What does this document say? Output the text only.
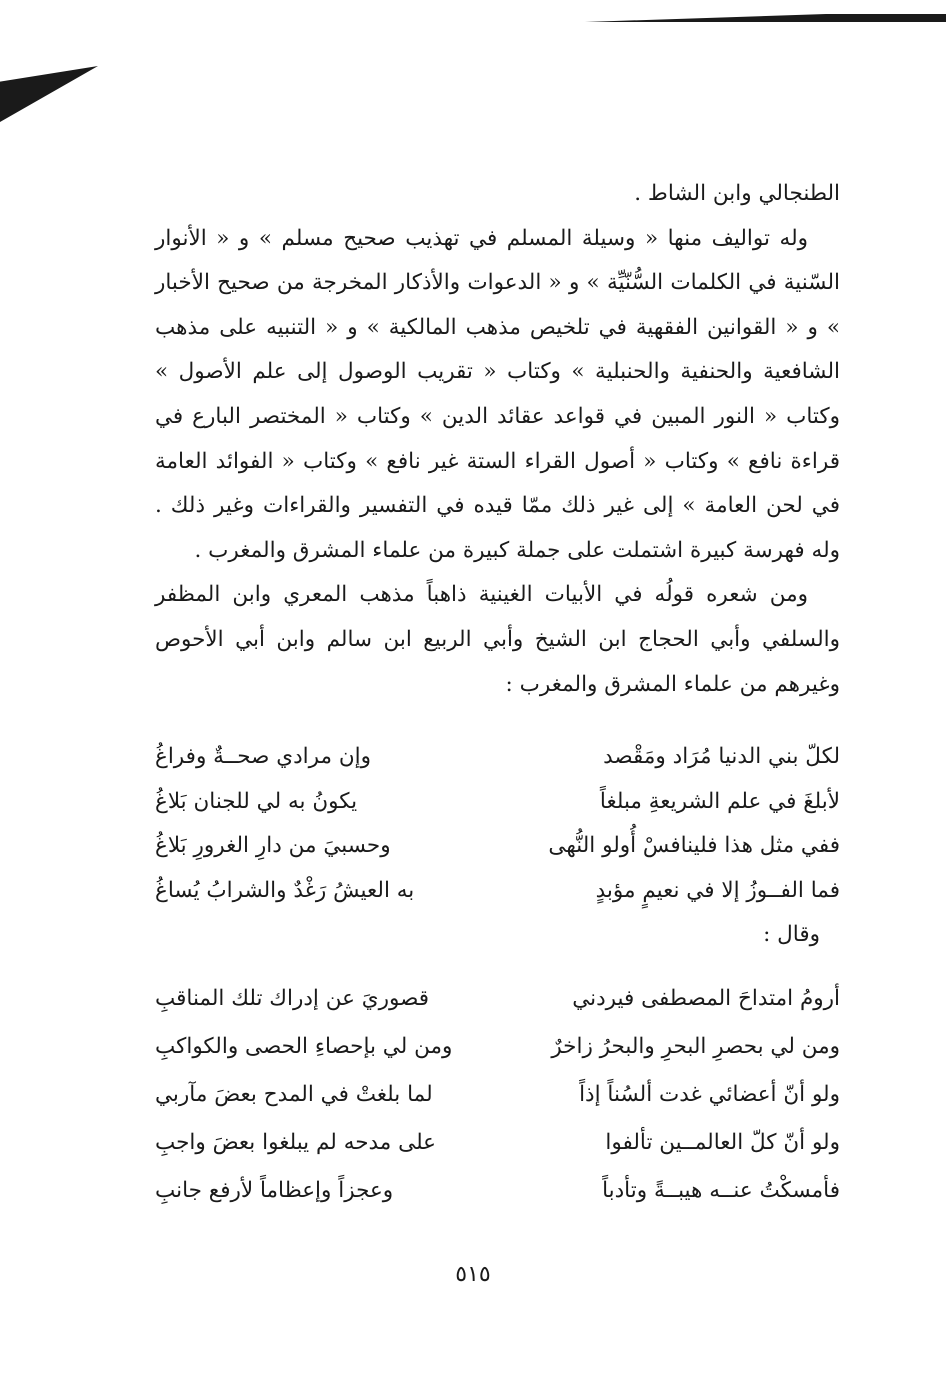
الطنجالي وابن الشاط .

وله تواليف منها « وسيلة المسلم في تهذيب صحيح مسلم » و « الأنوار السّنية في الكلمات السُّنّيِّة » و « الدعوات والأذكار المخرجة من صحيح الأخبار » و « القوانين الفقهية في تلخيص مذهب المالكية » و « التنبيه على مذهب الشافعية والحنفية والحنبلية » وكتاب « تقريب الوصول إلى علم الأصول » وكتاب « النور المبين في قواعد عقائد الدين » وكتاب « المختصر البارع في قراءة نافع » وكتاب « أصول القراء الستة غير نافع » وكتاب « الفوائد العامة في لحن العامة » إلى غير ذلك ممّا قيده في التفسير والقراءات وغير ذلك . وله فهرسة كبيرة اشتملت على جملة كبيرة من علماء المشرق والمغرب .

ومن شعره قولُه في الأبيات الغينية ذاهباً مذهب المعري وابن المظفر والسلفي وأبي الحجاج ابن الشيخ وأبي الربيع ابن سالم وابن أبي الأحوص وغيرهم من علماء المشرق والمغرب :

لكلّ بني الدنيا مُرَاد ومَقْصد
وإن مرادي صحــةٌ وفراغُ
لأبلغَ في علم الشريعةِ مبلغاً
يكونُ به لي للجنان بَلاغُ
ففي مثل هذا فلينافسْ أُولو النُّهى
وحسبيَ من دارِ الغرورِ بَلاغُ
فما الفــوزُ إلا في نعيمٍ مؤبدٍ
به العيشُ رَغْدٌ والشرابُ يُساغُ

وقال :

أرومُ امتداحَ المصطفى فيردني
قصوريَ عن إدراك تلك المناقبِ
ومن لي بحصرِ البحرِ والبحرُ زاخرٌ
ومن لي بإحصاءِ الحصى والكواكبِ
ولو أنّ أعضائي غدت ألسُناً إذاً
لما بلغتْ في المدح بعضَ مآربي
ولو أنّ كلّ العالمــين تألفوا
على مدحه لم يبلغوا بعضَ واجبِ
فأمسكْتُ عنــه هيبــةً وتأدباً
وعجزاً وإعظاماً لأرفع جانبِ
٥١٥
